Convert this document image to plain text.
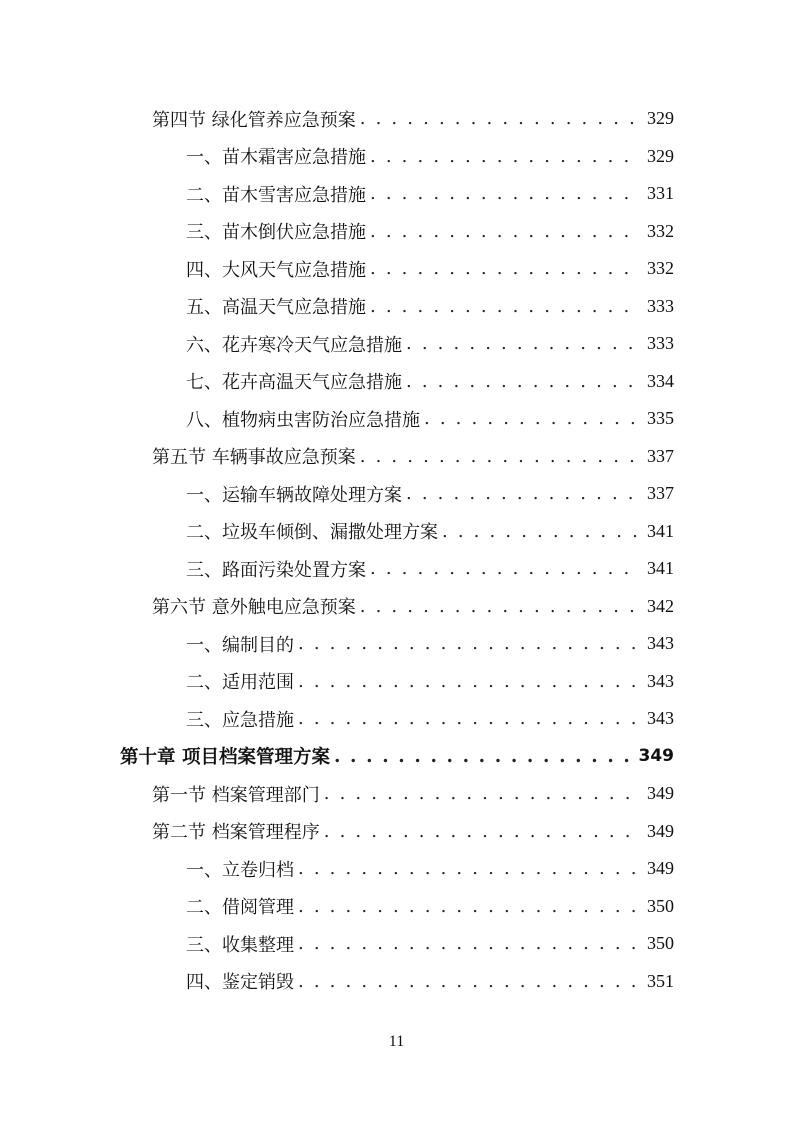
第四节 绿化管养应急预案 . . .	329
一、苗木霜害应急措施 . . .	329
二、苗木雪害应急措施 . . .	331
三、苗木倒伏应急措施 . . .	332
四、大风天气应急措施 . . .	332
五、高温天气应急措施 . . .	333
六、花卉寒冷天气应急措施 . . .	333
七、花卉高温天气应急措施 . . .	334
八、植物病虫害防治应急措施 . . .	335
第五节 车辆事故应急预案 . . .	337
一、运输车辆故障处理方案 . . .	337
二、垃圾车倾倒、漏撒处理方案 . . .	341
三、路面污染处置方案 . . .	341
第六节 意外触电应急预案 . . .	342
一、编制目的 . . .	343
二、适用范围 . . .	343
三、应急措施 . . .	343
第十章 项目档案管理方案 . . .	349
第一节 档案管理部门 . . .	349
第二节 档案管理程序 . . .	349
一、立卷归档 . . .	349
二、借阅管理 . . .	350
三、收集整理 . . .	350
四、鉴定销毁 . . .	351
11
